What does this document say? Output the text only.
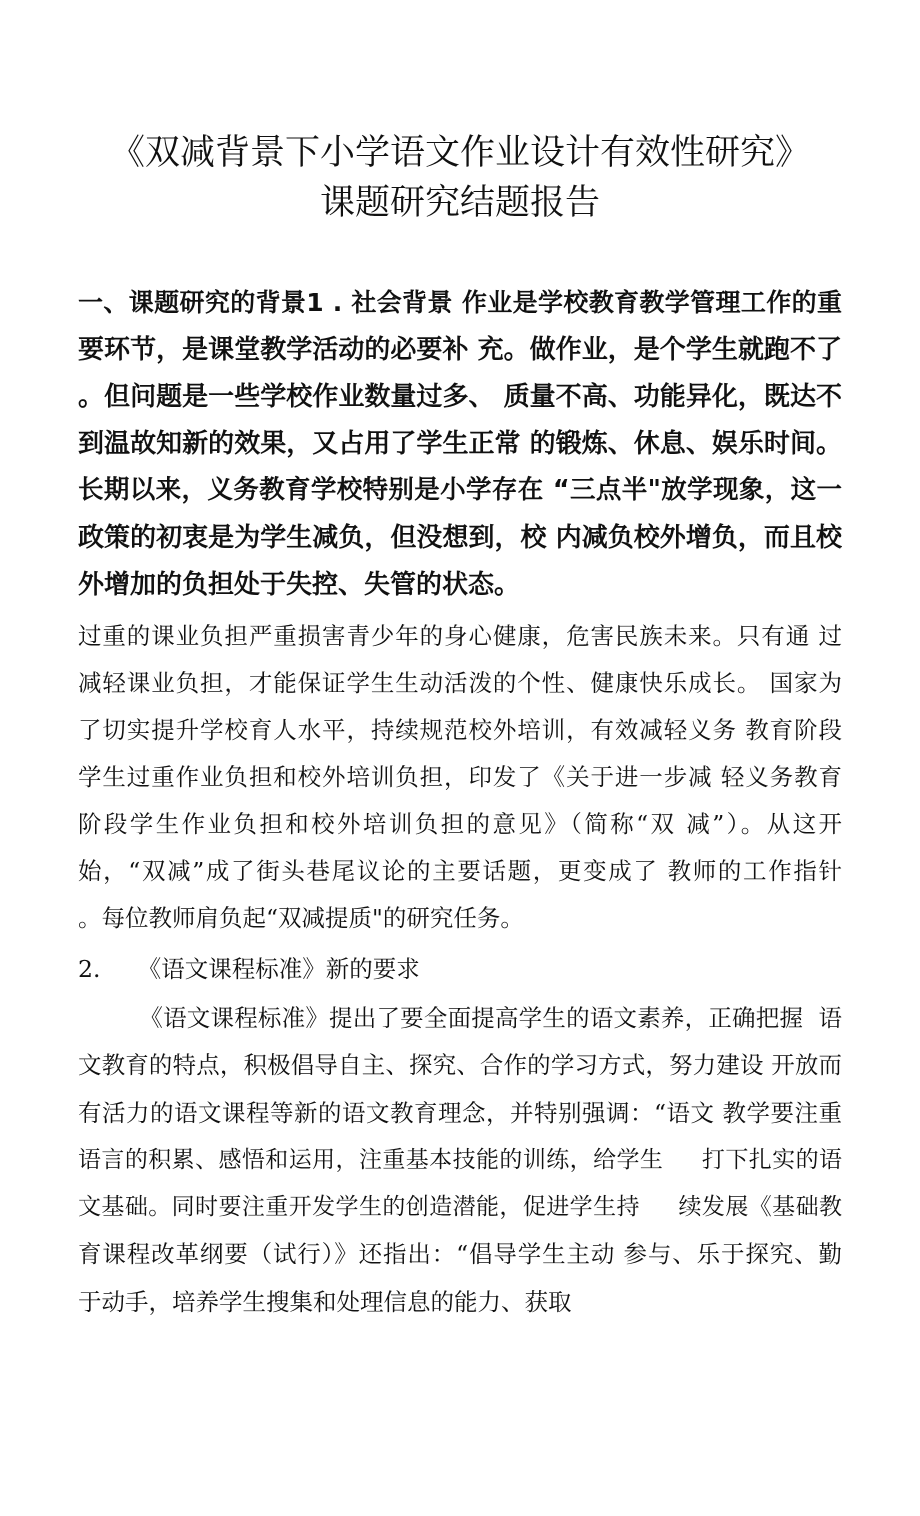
《双减背景下小学语文作业设计有效性研究》
课题研究结题报告
一、课题研究的背景1 . 社会背景 作业是学校教育教学管理工作的重
要环节，是课堂教学活动的必要补 充。做作业，是个学生就跑不了
。但问题是一些学校作业数量过多、 质量不高、功能异化，既达不
到温故知新的效果，又占用了学生正常 的锻炼、休息、娱乐时间。
长期以来，义务教育学校特别是小学存在 “三点半"放学现象，这一
政策的初衷是为学生减负，但没想到，校 内减负校外增负，而且校
外增加的负担处于失控、失管的状态。
过重的课业负担严重损害青少年的身心健康，危害民族未来。只有通 过
减轻课业负担，才能保证学生生动活泼的个性、健康快乐成长。 国家为
了切实提升学校育人水平，持续规范校外培训，有效减轻义务 教育阶段
学生过重作业负担和校外培训负担，印发了《关于进一步减 轻义务教育
阶段学生作业负担和校外培训负担的意见》（简称“双 减”）。从这开
始，“双减”成了街头巷尾议论的主要话题，更变成了 教师的工作指针
。每位教师肩负起“双减提质"的研究任务。
2.     《语文课程标准》新的要求
《语文课程标准》提出了要全面提高学生的语文素养，正确把握  语
文教育的特点，积极倡导自主、探究、合作的学习方式，努力建设 开放而
有活力的语文课程等新的语文教育理念，并特别强调：“语文 教学要注重
语言的积累、感悟和运用，注重基本技能的训练，给学生     打下扎实的语
文基础。同时要注重开发学生的创造潜能，促进学生持     续发展《基础教
育课程改革纲要（试行）》还指出：“倡导学生主动 参与、乐于探究、勤
于动手，培养学生搜集和处理信息的能力、获取
